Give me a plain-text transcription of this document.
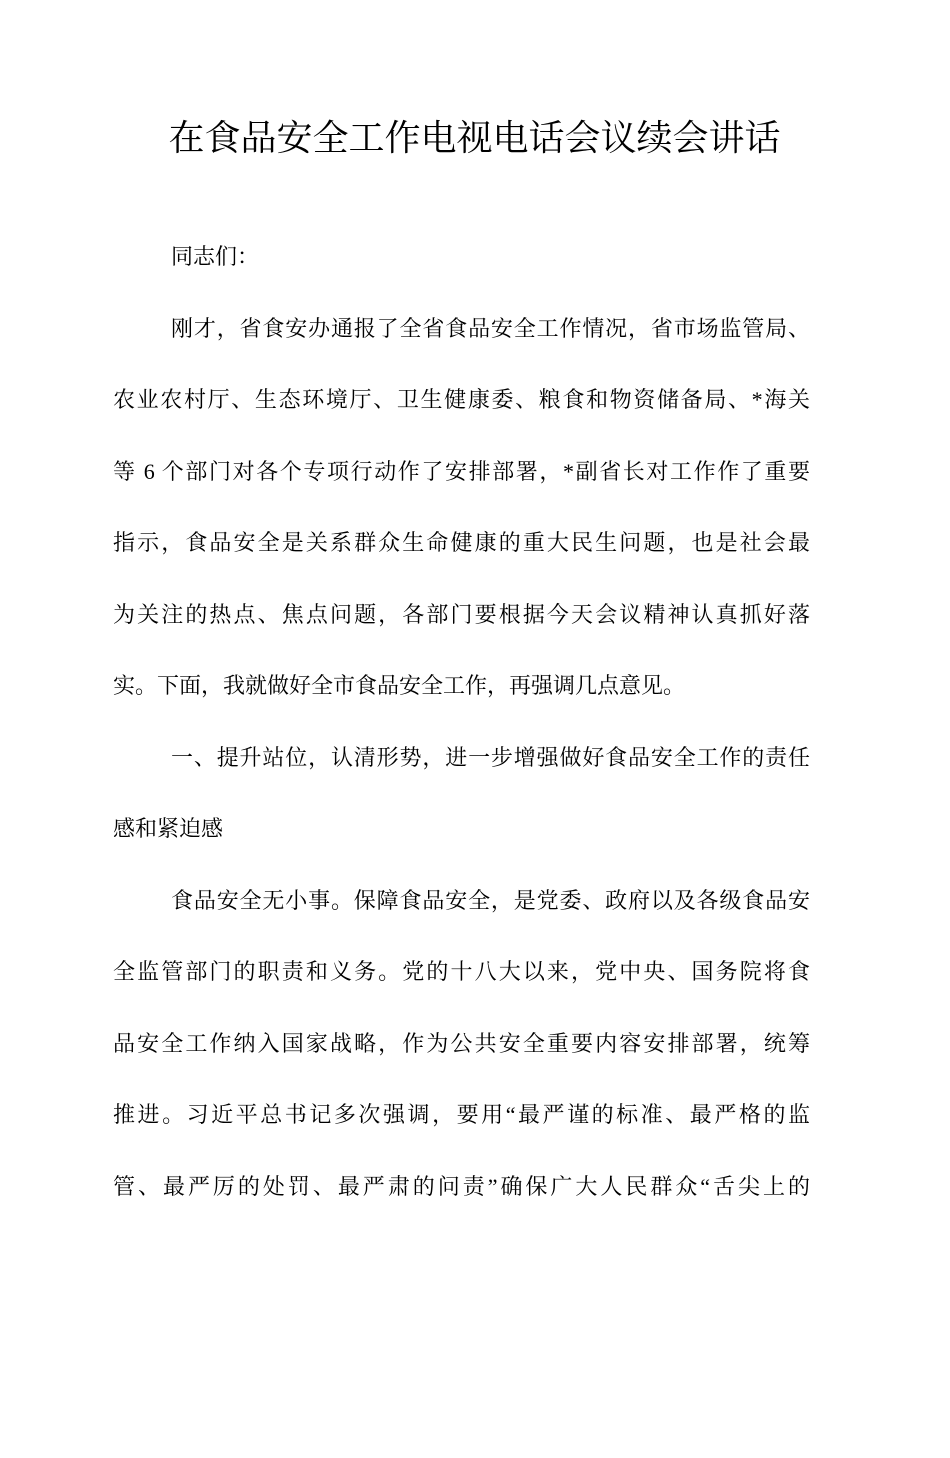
在食品安全工作电视电话会议续会讲话
同志们：
刚才，省食安办通报了全省食品安全工作情况，省市场监管局、
农业农村厅、生态环境厅、卫生健康委、粮食和物资储备局、*海关
等 6 个部门对各个专项行动作了安排部署，*副省长对工作作了重要
指示，食品安全是关系群众生命健康的重大民生问题，也是社会最
为关注的热点、焦点问题，各部门要根据今天会议精神认真抓好落
实。下面，我就做好全市食品安全工作，再强调几点意见。
一、提升站位，认清形势，进一步增强做好食品安全工作的责任
感和紧迫感
食品安全无小事。保障食品安全，是党委、政府以及各级食品安
全监管部门的职责和义务。党的十八大以来，党中央、国务院将食
品安全工作纳入国家战略，作为公共安全重要内容安排部署，统筹
推进。习近平总书记多次强调，要用“最严谨的标准、最严格的监
管、最严厉的处罚、最严肃的问责”确保广大人民群众“舌尖上的
